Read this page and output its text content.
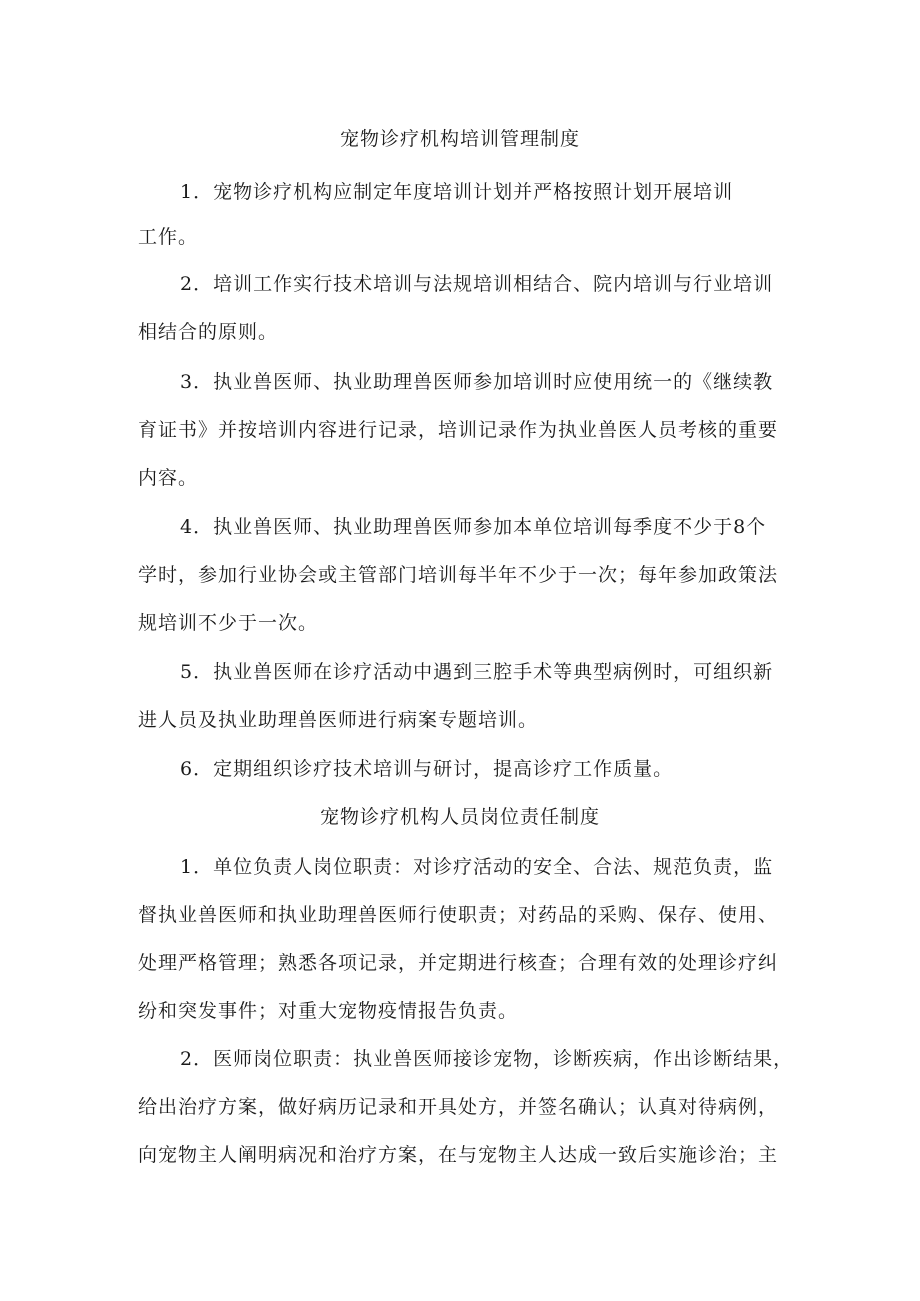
宠物诊疗机构培训管理制度
1．宠物诊疗机构应制定年度培训计划并严格按照计划开展培训
工作。
2．培训工作实行技术培训与法规培训相结合、院内培训与行业培训
相结合的原则。
3．执业兽医师、执业助理兽医师参加培训时应使用统一的《继续教
育证书》并按培训内容进行记录，培训记录作为执业兽医人员考核的重要
内容。
4．执业兽医师、执业助理兽医师参加本单位培训每季度不少于8个
学时，参加行业协会或主管部门培训每半年不少于一次；每年参加政策法
规培训不少于一次。
5．执业兽医师在诊疗活动中遇到三腔手术等典型病例时，可组织新
进人员及执业助理兽医师进行病案专题培训。
6．定期组织诊疗技术培训与研讨，提高诊疗工作质量。
宠物诊疗机构人员岗位责任制度
1．单位负责人岗位职责：对诊疗活动的安全、合法、规范负责，监
督执业兽医师和执业助理兽医师行使职责；对药品的采购、保存、使用、
处理严格管理；熟悉各项记录，并定期进行核查；合理有效的处理诊疗纠
纷和突发事件；对重大宠物疫情报告负责。
2．医师岗位职责：执业兽医师接诊宠物，诊断疾病，作出诊断结果，
给出治疗方案，做好病历记录和开具处方，并签名确认；认真对待病例，
向宠物主人阐明病况和治疗方案，在与宠物主人达成一致后实施诊治；主
